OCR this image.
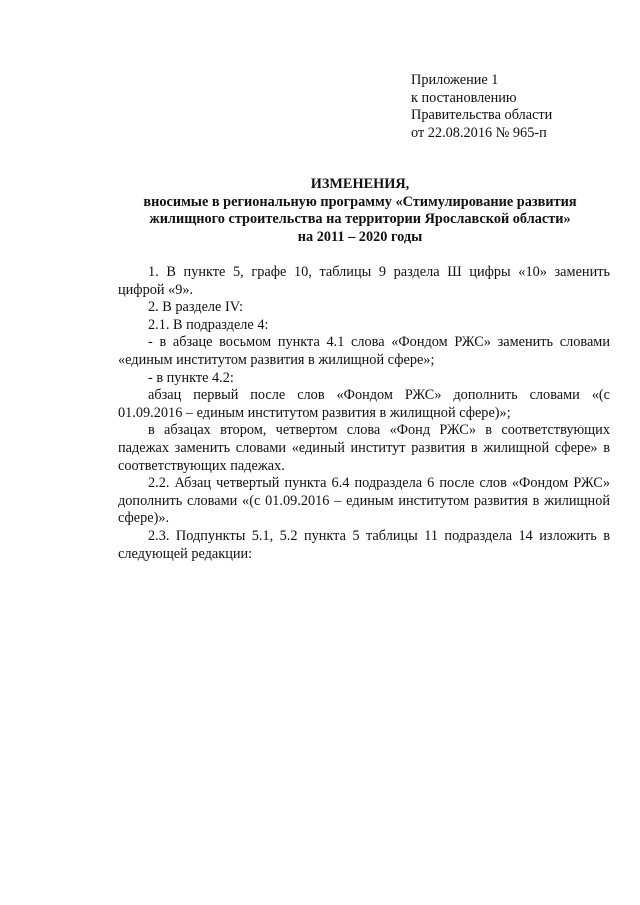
Приложение 1
к постановлению
Правительства области
от 22.08.2016 № 965-п
ИЗМЕНЕНИЯ,
вносимые в региональную программу «Стимулирование развития
жилищного строительства на территории Ярославской области»
на 2011 – 2020 годы

1. В пункте 5, графе 10, таблицы 9 раздела Ш цифры «10» заменить цифрой «9».

2. В разделе IV:

2.1. В подразделе 4:

- в абзаце восьмом пункта 4.1 слова «Фондом РЖС» заменить словами «единым институтом развития в жилищной сфере»;

- в пункте 4.2:

абзац первый после слов «Фондом РЖС» дополнить словами «(с 01.09.2016 – единым институтом развития в жилищной сфере)»;

в абзацах втором, четвертом слова «Фонд РЖС» в соответствующих падежах заменить словами «единый институт развития в жилищной сфере» в соответствующих падежах.

2.2. Абзац четвертый пункта 6.4 подраздела 6 после слов «Фондом РЖС» дополнить словами «(с 01.09.2016 – единым институтом развития в жилищной сфере)».

2.3. Подпункты 5.1, 5.2 пункта 5 таблицы 11 подраздела 14 изложить в следующей редакции:
